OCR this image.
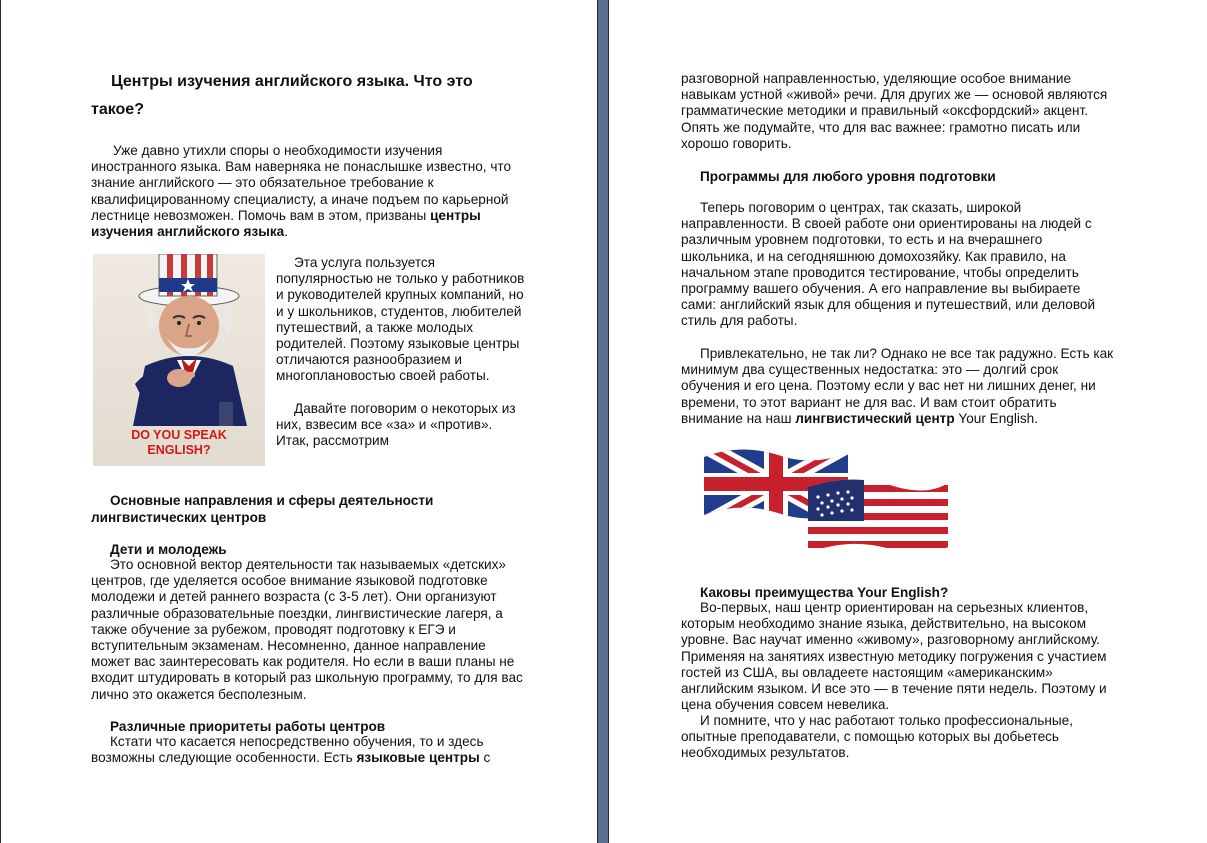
Центры изучения английского языка. Что это такое?

Уже давно утихли споры о необходимости изучения иностранного языка. Вам наверняка не понаслышке известно, что знание английского — это обязательное требование к квалифицированному специалисту, а иначе подъем по карьерной лестнице невозможен. Помочь вам в этом, призваны центры изучения английского языка.

DO YOU SPEAK
ENGLISH?

Эта услуга пользуется популярностью не только у работников и руководителей крупных компаний, но и у школьников, студентов, любителей путешествий, а также молодых родителей. Поэтому языковые центры отличаются разнообразием и многоплановостью своей работы.

Давайте поговорим о некоторых из них, взвесим все «за» и «против». Итак, рассмотрим

Основные направления и сферы деятельности лингвистических центров

Дети и молодежь

Это основной вектор деятельности так называемых «детских» центров, где уделяется особое внимание языковой подготовке молодежи и детей раннего возраста (с 3-5 лет). Они организуют различные образовательные поездки, лингвистические лагеря, а также обучение за рубежом, проводят подготовку к ЕГЭ и вступительным экзаменам. Несомненно, данное направление может вас заинтересовать как родителя. Но если в ваши планы не входит штудировать в который раз школьную программу, то для вас лично это окажется бесполезным.

Различные приоритеты работы центров

Кстати что касается непосредственно обучения, то и здесь возможны следующие особенности. Есть языковые центры с

разговорной направленностью, уделяющие особое внимание навыкам устной «живой» речи. Для других же — основой являются грамматические методики и правильный «оксфордский» акцент. Опять же подумайте, что для вас важнее: грамотно писать или хорошо говорить.

Программы для любого уровня подготовки

Теперь поговорим о центрах, так сказать, широкой направленности. В своей работе они ориентированы на людей с различным уровнем подготовки, то есть и на вчерашнего школьника, и на сегодняшнюю домохозяйку. Как правило, на начальном этапе проводится тестирование, чтобы определить программу вашего обучения. А его направление вы выбираете сами: английский язык для общения и путешествий, или деловой стиль для работы.

Привлекательно, не так ли? Однако не все так радужно. Есть как минимум два существенных недостатка: это — долгий срок обучения и его цена. Поэтому если у вас нет ни лишних денег, ни времени, то этот вариант не для вас. И вам стоит обратить внимание на наш лингвистический центр Your English.

Каковы преимущества Your English?

Во-первых, наш центр ориентирован на серьезных клиентов, которым необходимо знание языка, действительно, на высоком уровне. Вас научат именно «живому», разговорному английскому. Применяя на занятиях известную методику погружения с участием гостей из США, вы овладеете настоящим «американским» английским языком. И все это — в течение пяти недель. Поэтому и цена обучения совсем невелика.

И помните, что у нас работают только профессиональные, опытные преподаватели, с помощью которых вы добьетесь необходимых результатов.
